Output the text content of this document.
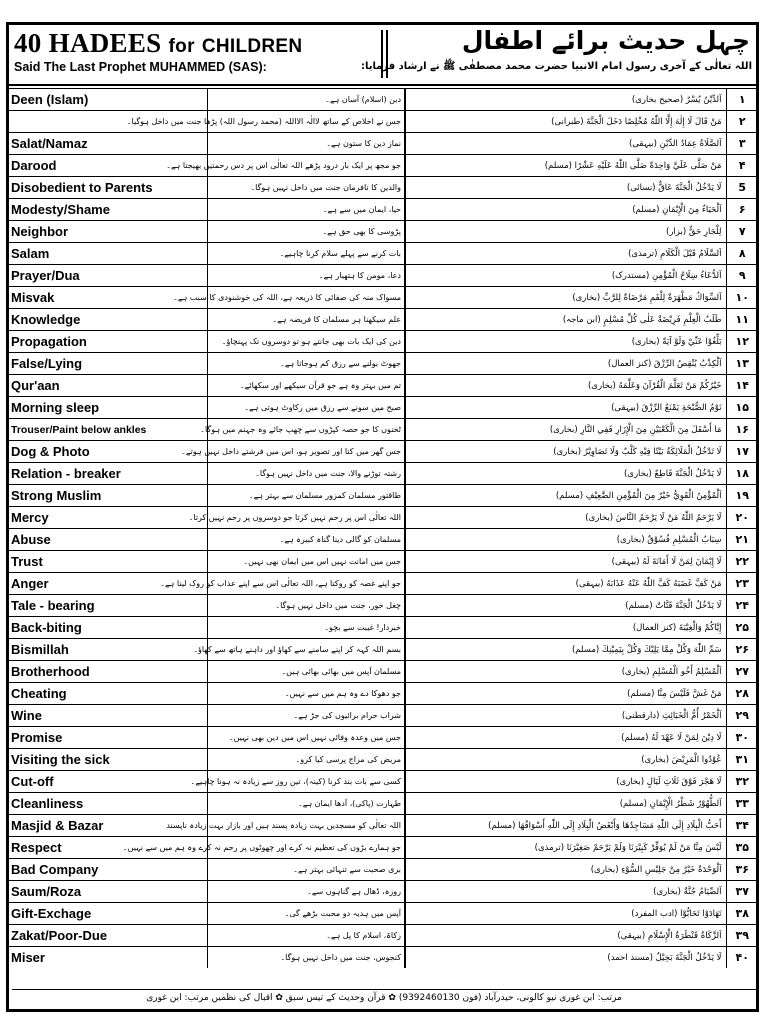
40 HADEES for CHILDREN
Said The Last Prophet MUHAMMED (SAS):
چہل حدیث برائے اطفال
اللہ تعالٰی کے آخری رسول امام الانبیا حضرت محمد مصطفٰی ﷺ نے ارشاد فرمایا:
Deen (Islam)	دین (اسلام) آسان ہے۔	اَلدِّيْنُ يُسْرٌ (صحیح بخاری)	۱
	جس نے اخلاص کے ساتھ لاالٰہ الااللہ (محمد رسول اللہ) پڑھا جنت میں داخل ہوگیا۔	مَنْ قَالَ لَا إِلٰهَ إِلَّا اللّٰهُ مُخْلِصًا دَخَلَ الْجَنَّةَ (طبرانی)	۲
Salat/Namaz	نماز دین کا ستون ہے۔	اَلصَّلَاةُ عِمَادُ الدِّيْنِ (بیہقی)	۳
Darood	جو مجھ پر ایک بار درود پڑھے اللہ تعالٰی اس پر دس رحمتیں بھیجتا ہے۔	مَنْ صَلَّى عَلَيَّ وَاحِدَةً صَلَّى اللّٰهُ عَلَيْهِ عَشْرًا (مسلم)	۴
Disobedient to Parents	والدین کا نافرمان جنت میں داخل نہیں ہوگا۔	لَا يَدْخُلُ الْجَنَّةَ عَاقٌّ (نسائی)	5
Modesty/Shame	حیا، ایمان میں سے ہے۔	اَلْحَيَاءُ مِنَ الْإِيْمَانِ (مسلم)	۶
Neighbor	پڑوسی کا بھی حق ہے۔	لِلْجَارِ حَقٌّ (بزار)	۷
Salam	بات کرنے سے پہلے سلام کرنا چاہیے۔	اَلسَّلَامُ قَبْلَ الْكَلَامِ (ترمذی)	۸
Prayer/Dua	دعا، مومن کا ہتھیار ہے۔	اَلدُّعَاءُ سِلَاحُ الْمُؤْمِنِ (مستدرک)	۹
Misvak	مسواک منہ کی صفائی کا ذریعہ ہے، اللہ کی خوشنودی کا سبب ہے۔	اَلسِّوَاكُ مَطْهَرَةٌ لِلْفَمِ مَرْضَاةٌ لِلرَّبِّ (بخاری)	۱۰
Knowledge	علم سیکھنا ہر مسلمان کا فریضہ ہے۔	طَلَبُ الْعِلْمِ فَرِيْضَةٌ عَلٰى كُلِّ مُسْلِمٍ (ابن ماجہ)	۱۱
Propagation	دین کی ایک بات بھی جانتے ہو تو دوسروں تک پہنچاؤ۔	بَلِّغُوْا عَنِّيْ وَلَوْ آيَةً (بخاری)	۱۲
False/Lying	جھوٹ بولنے سے رزق کم ہوجاتا ہے۔	اَلْكِذْبُ يُنْقِصُ الرِّزْقَ (کنز العمال)	۱۳
Qur'aan	تم میں بہتر وہ ہے جو قرآن سیکھے اور سکھائے۔	خَيْرُكُمْ مَنْ تَعَلَّمَ الْقُرْآنَ وَعَلَّمَهُ (بخاری)	۱۴
Morning sleep	صبح میں سونے سے رزق میں رکاوٹ ہوتی ہے۔	نَوْمُ الصُّبْحَةِ يَمْنَعُ الرِّزْقَ (بیہقی)	۱۵
Trouser/Paint below ankles	ٹخنوں کا جو حصہ کپڑوں سے چھپ جائے وہ جہنم میں ہوگا۔	مَا أَسْفَلَ مِنَ الْكَعْبَيْنِ مِنَ الْإِزَارِ فَفِي النَّارِ (بخاری)	۱۶
Dog & Photo	جس گھر میں کتا اور تصویر ہو، اس میں فرشتے داخل نہیں ہوتے۔	لَا تَدْخُلُ الْمَلَائِكَةُ بَيْتًا فِيْهِ كَلْبٌ وَلَا تَصَاوِيْرُ (بخاری)	۱۷
Relation - breaker	رشتہ توڑنے والا، جنت میں داخل نہیں ہوگا۔	لَا يَدْخُلُ الْجَنَّةَ قَاطِعٌ (بخاری)	۱۸
Strong Muslim	طاقتور مسلمان کمزور مسلمان سے بہتر ہے۔	اَلْمُؤْمِنُ الْقَوِيُّ خَيْرٌ مِنَ الْمُؤْمِنِ الضَّعِيْفِ (مسلم)	۱۹
Mercy	اللہ تعالٰی اس پر رحم نہیں کرتا جو دوسروں پر رحم نہیں کرتا۔	لَا يَرْحَمُ اللّٰهُ مَنْ لَا يَرْحَمُ النَّاسَ (بخاری)	۲۰
Abuse	مسلمان کو گالی دینا گناہ کبیرہ ہے۔	سِبَابُ الْمُسْلِمِ فُسُوْقٌ (بخاری)	۲۱
Trust	جس میں امانت نہیں اس میں ایمان بھی نہیں۔	لَا إِيْمَانَ لِمَنْ لَا أَمَانَةَ لَهُ (بیہقی)	۲۲
Anger	جو اپنے غصہ کو روکتا ہے، اللہ تعالٰی اس سے اپنے عذاب کو روک لیتا ہے۔	مَنْ كَفَّ غَضَبَهُ كَفَّ اللّٰهُ عَنْهُ عَذَابَهُ (بیہقی)	۲۳
Tale - bearing	چغل خور، جنت میں داخل نہیں ہوگا۔	لَا يَدْخُلُ الْجَنَّةَ قَتَّاتٌ (مسلم)	۲۴
Back-biting	خبردار! غیبت سے بچو۔	إِيَّاكُمْ وَالْغِيْبَةَ (کنز العمال)	۲۵
Bismillah	بسم اللہ کہہ کر اپنے سامنے سے کھاؤ اور داہنے ہاتھ سے کھاؤ۔	سَمِّ اللّٰهَ وَكُلْ مِمَّا يَلِيْكَ وَكُلْ بِيَمِيْنِكَ (مسلم)	۲۶
Brotherhood	مسلمان آپس میں بھائی بھائی ہیں۔	اَلْمُسْلِمُ أَخُو الْمُسْلِمِ (بخاری)	۲۷
Cheating	جو دھوکا دے وہ ہم میں سے نہیں۔	مَنْ غَشَّ فَلَيْسَ مِنَّا (مسلم)	۲۸
Wine	شراب حرام برائیوں کی جڑ ہے۔	اَلْخَمْرُ أُمُّ الْخَبَائِثِ (دارقطنی)	۲۹
Promise	جس میں وعدہ وفائی نہیں اس میں دین بھی نہیں۔	لَا دِيْنَ لِمَنْ لَا عَهْدَ لَهُ (مسلم)	۳۰
Visiting the sick	مریض کی مزاج پرسی کیا کرو۔	عُوْدُوا الْمَرِيْضَ (بخاری)	۳۱
Cut-off	کسی سے بات بند کرنا (کینہ)، تین روز سے زیادہ نہ ہونا چاہیے۔	لَا هَجْرَ فَوْقَ ثَلَاثِ لَيَالٍ (بخاری)	۳۲
Cleanliness	طہارت (پاکی)، آدھا ایمان ہے۔	اَلطُّهُوْرُ شَطْرُ الْإِيْمَانِ (مسلم)	۳۳
Masjid & Bazar	اللہ تعالٰی کو مسجدیں بہت زیادہ پسند ہیں اور بازار بہت زیادہ ناپسند	أَحَبُّ الْبِلَادِ إِلَى اللّٰهِ مَسَاجِدُهَا وَأَبْغَضُ الْبِلَادِ إِلَى اللّٰهِ أَسْوَاقُهَا (مسلم)	۳۴
Respect	جو ہمارے بڑوں کی تعظیم نہ کرے اور چھوٹوں پر رحم نہ کرے وہ ہم میں سے نہیں۔	لَيْسَ مِنَّا مَنْ لَمْ يُوَقِّرْ كَبِيْرَنَا وَلَمْ يَرْحَمْ صَغِيْرَنَا (ترمذی)	۳۵
Bad Company	بری صحبت سے تنہائی بہتر ہے۔	اَلْوَحْدَةُ خَيْرٌ مِنْ جَلِيْسِ السُّوْءِ (بخاری)	۳۶
Saum/Roza	روزہ، ڈھال ہے گناہوں سے۔	اَلصِّيَامُ جُنَّةٌ (بخاری)	۳۷
Gift-Exchage	آپس میں ہدیہ دو محبت بڑھے گی۔	تَهَادَوْا تَحَابُّوْا (ادب المفرد)	۳۸
Zakat/Poor-Due	زکاۃ، اسلام کا پل ہے۔	اَلزَّكَاةُ قَنْطَرَةُ الْإِسْلَامِ (بیہقی)	۳۹
Miser	کنجوس، جنت میں داخل نہیں ہوگا۔	لَا يَدْخُلُ الْجَنَّةَ بَخِيْلٌ (مسند احمد)	۴۰
مرتب: ابن غوری نیو کالونی، حیدرآباد (فون 9392460130) ✿ قرآن وحدیث کے تیس سبق ✿ اقبال کی نظمیں مرتب: ابن غوری
